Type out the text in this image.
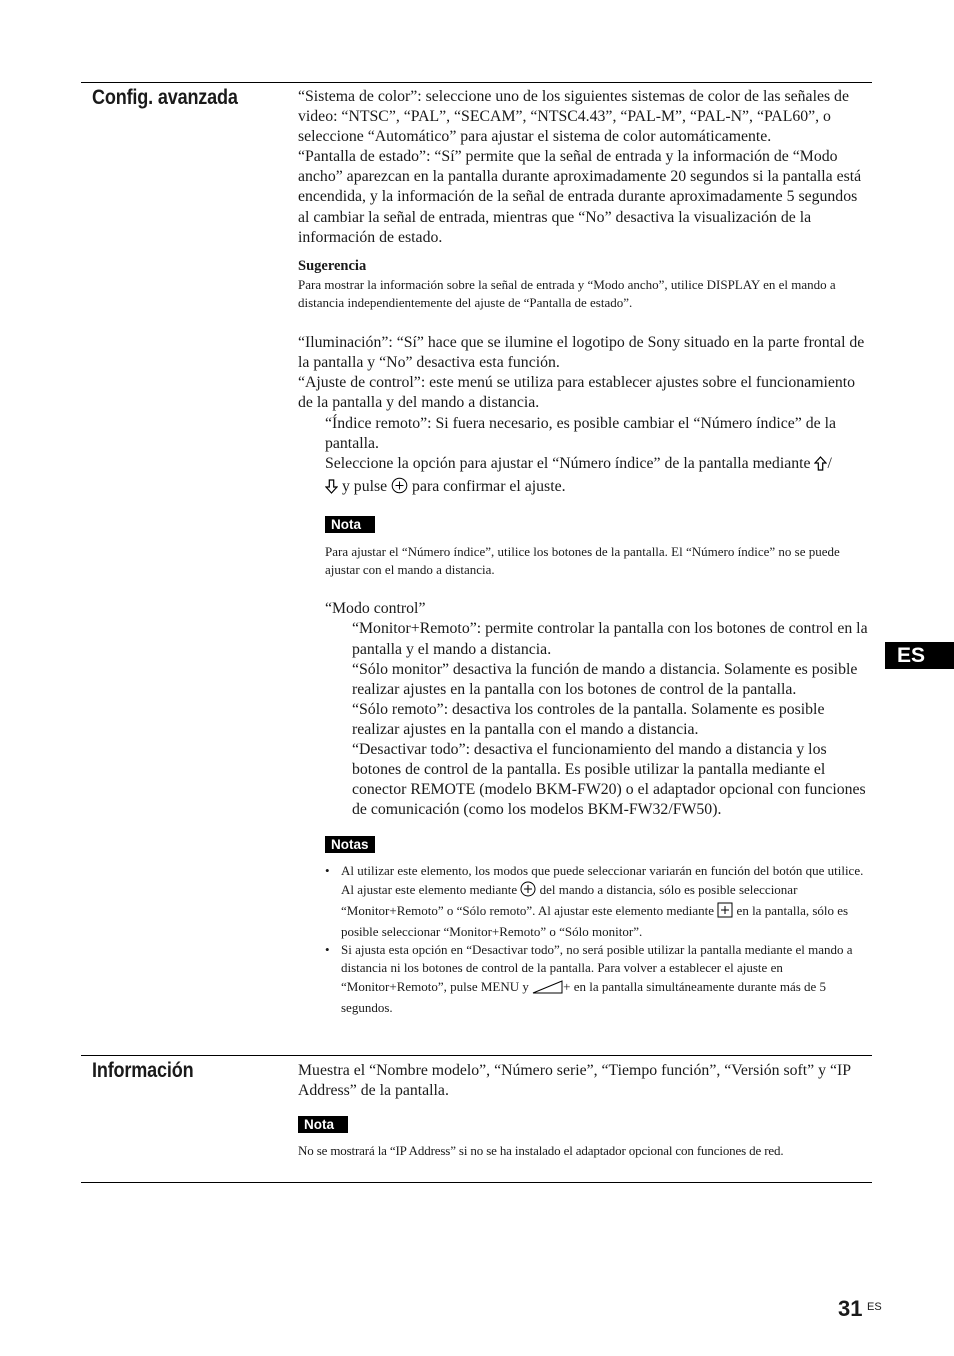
Config. avanzada	“Sistema de color”: seleccione uno de los siguientes sistemas de color de las señales de video: “NTSC”, “PAL”, “SECAM”, “NTSC4.43”, “PAL-M”, “PAL-N”, “PAL60”, o seleccione “Automático” para ajustar el sistema de color automáticamente.

“Pantalla de estado”: “Sí” permite que la señal de entrada y la información de “Modo ancho” aparezcan en la pantalla durante aproximadamente 20 segundos si la pantalla está encendida, y la información de la señal de entrada durante aproximadamente 5 segundos al cambiar la señal de entrada, mientras que “No” desactiva la visualización de la información de estado.

Sugerencia

Para mostrar la información sobre la señal de entrada y “Modo ancho”, utilice DISPLAY en el mando a distancia independientemente del ajuste de “Pantalla de estado”.

“Iluminación”: “Sí” hace que se ilumine el logotipo de Sony situado en la parte frontal de la pantalla y “No” desactiva esta función.

“Ajuste de control”: este menú se utiliza para establecer ajustes sobre el funcionamiento de la pantalla y del mando a distancia.

“Índice remoto”: Si fuera necesario, es posible cambiar el “Número índice” de la pantalla.

Seleccione la opción para ajustar el “Número índice” de la pantalla mediante /
y pulse  para confirmar el ajuste.

Nota

Para ajustar el “Número índice”, utilice los botones de la pantalla. El “Número índice” no se puede ajustar con el mando a distancia.

“Modo control”

“Monitor+Remoto”: permite controlar la pantalla con los botones de control en la pantalla y el mando a distancia.

“Sólo monitor” desactiva la función de mando a distancia. Solamente es posible realizar ajustes en la pantalla con los botones de control de la pantalla.

“Sólo remoto”: desactiva los controles de la pantalla. Solamente es posible realizar ajustes en la pantalla con el mando a distancia.

“Desactivar todo”: desactiva el funcionamiento del mando a distancia y los botones de control de la pantalla. Es posible utilizar la pantalla mediante el conector REMOTE (modelo BKM-FW20) o el adaptador opcional con funciones de comunicación (como los modelos BKM-FW32/FW50).

Notas
• Al utilizar este elemento, los modos que puede seleccionar variarán en función del botón que utilice. Al ajustar este elemento mediante  del mando a distancia, sólo es posible seleccionar “Monitor+Remoto” o “Sólo remoto”. Al ajustar este elemento mediante  en la pantalla, sólo es posible seleccionar “Monitor+Remoto” o “Sólo monitor”.
• Si ajusta esta opción en “Desactivar todo”, no será posible utilizar la pantalla mediante el mando a distancia ni los botones de control de la pantalla. Para volver a establecer el ajuste en “Monitor+Remoto”, pulse MENU y + en la pantalla simultáneamente durante más de 5 segundos.
Información	Muestra el “Nombre modelo”, “Número serie”, “Tiempo función”, “Versión soft” y “IP Address” de la pantalla.

Nota

No se mostrará la “IP Address” si no se ha instalado el adaptador opcional con funciones de red.

ES
31 ES
